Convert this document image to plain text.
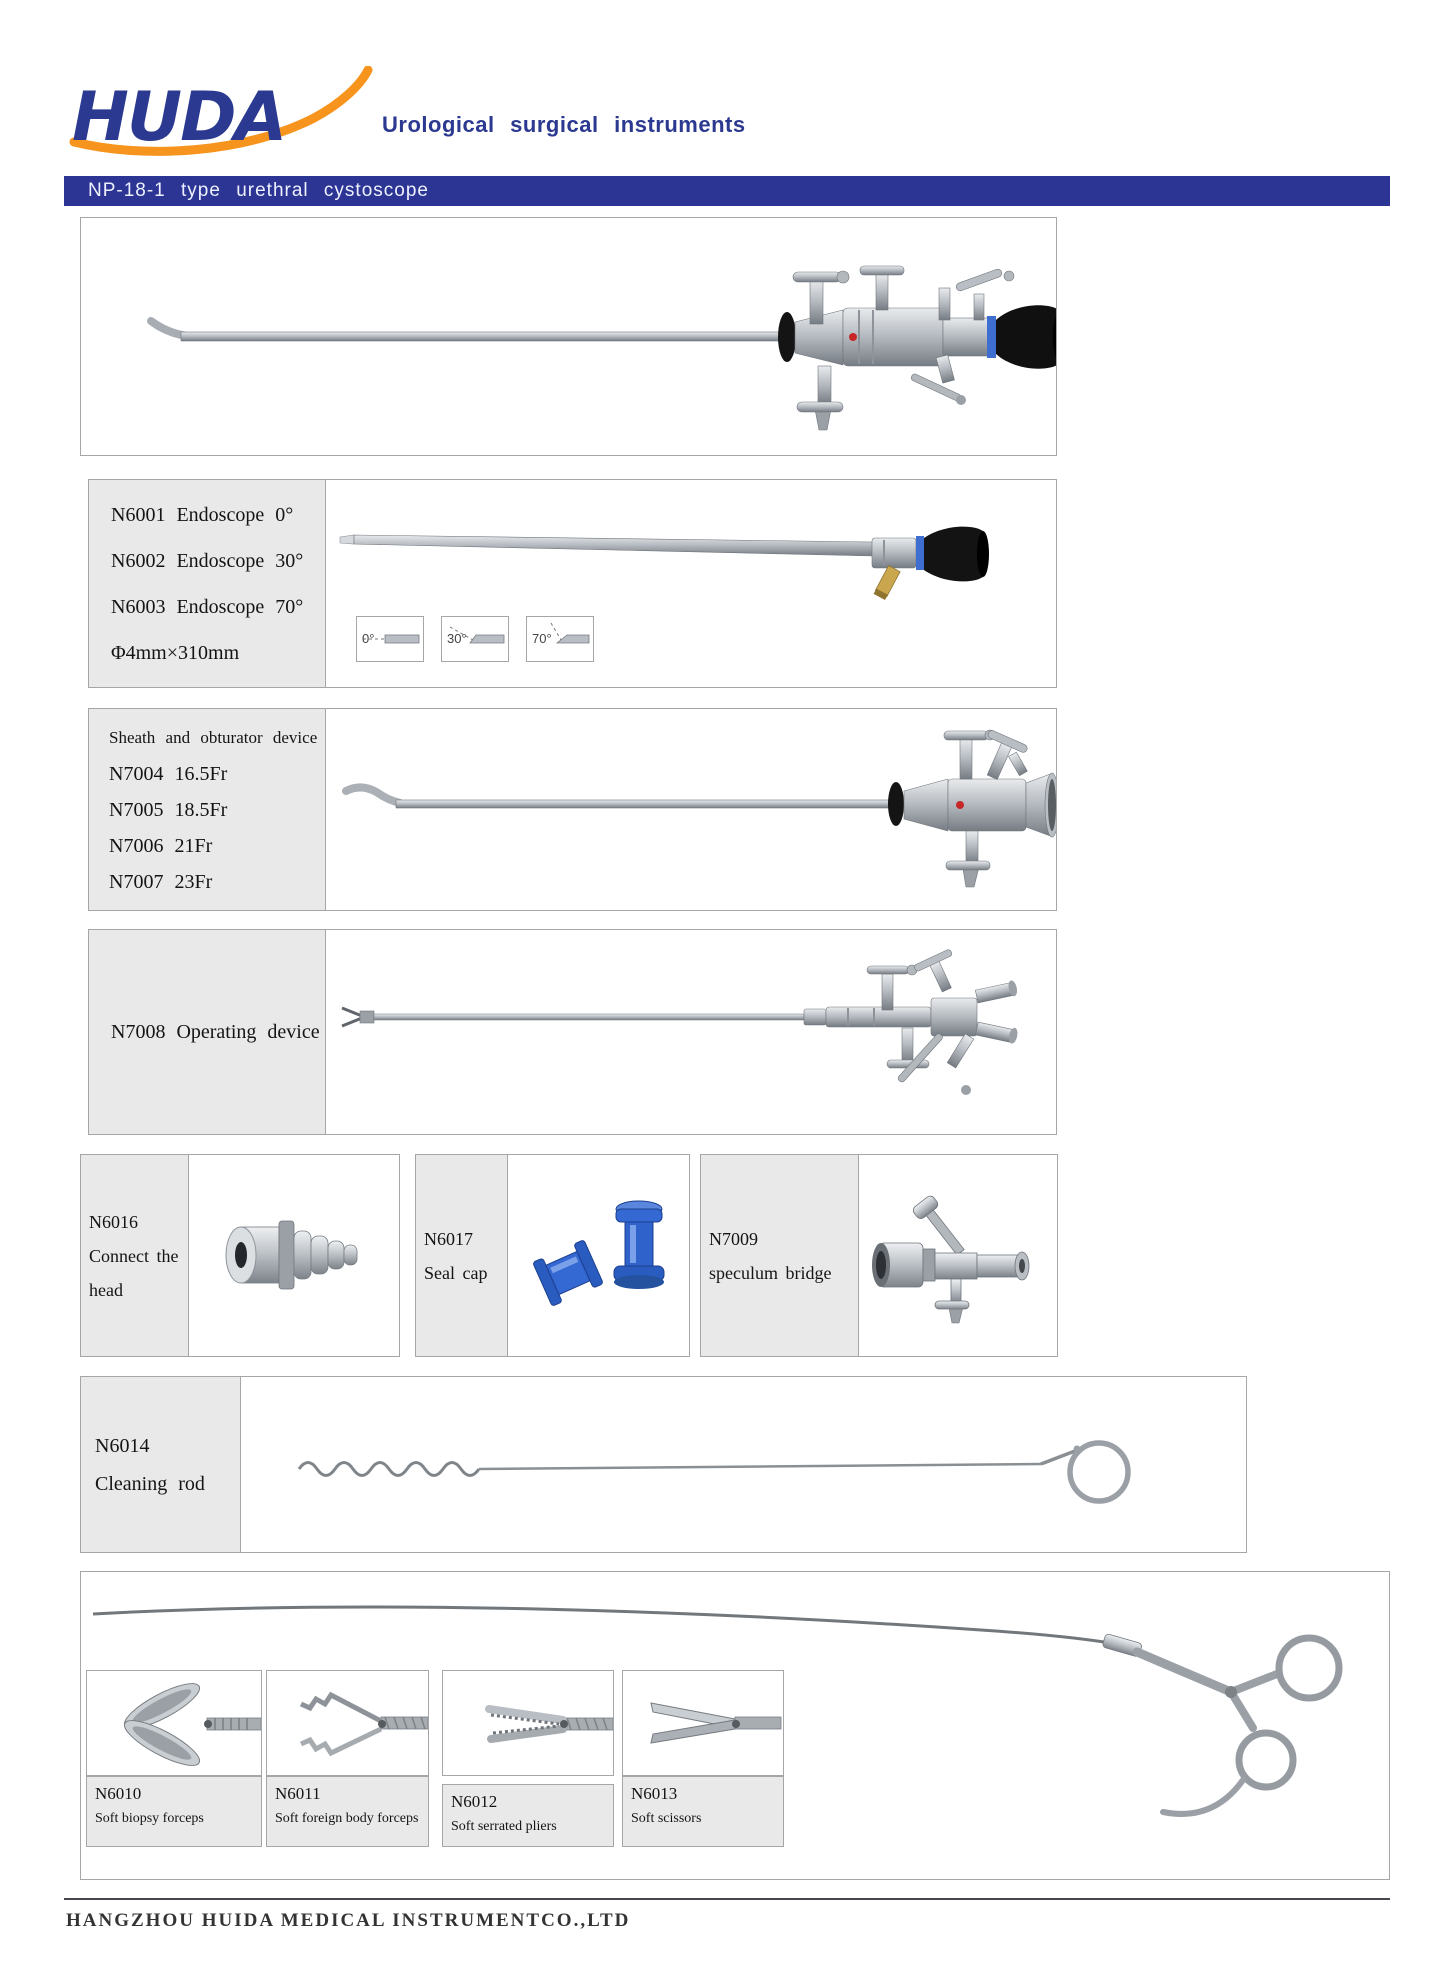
HUDA	Urological surgical instruments
NP-18-1 type urethral cystoscope
N6001 Endoscope 0°
N6002 Endoscope 30°
N6003 Endoscope 70°
Φ4mm×310mm
0°	30°	70°
Sheath and obturator device
N7004 16.5Fr
N7005 18.5Fr
N7006 21Fr
N7007 23Fr
N7008 Operating device
N6016
Connect the
head
N6017
Seal cap
N7009
speculum bridge
N6014
Cleaning rod
N6010
Soft biopsy forceps
N6011
Soft foreign body forceps
N6012
Soft serrated pliers
N6013
Soft scissors
HANGZHOU HUIDA MEDICAL INSTRUMENTCO.,LTD
